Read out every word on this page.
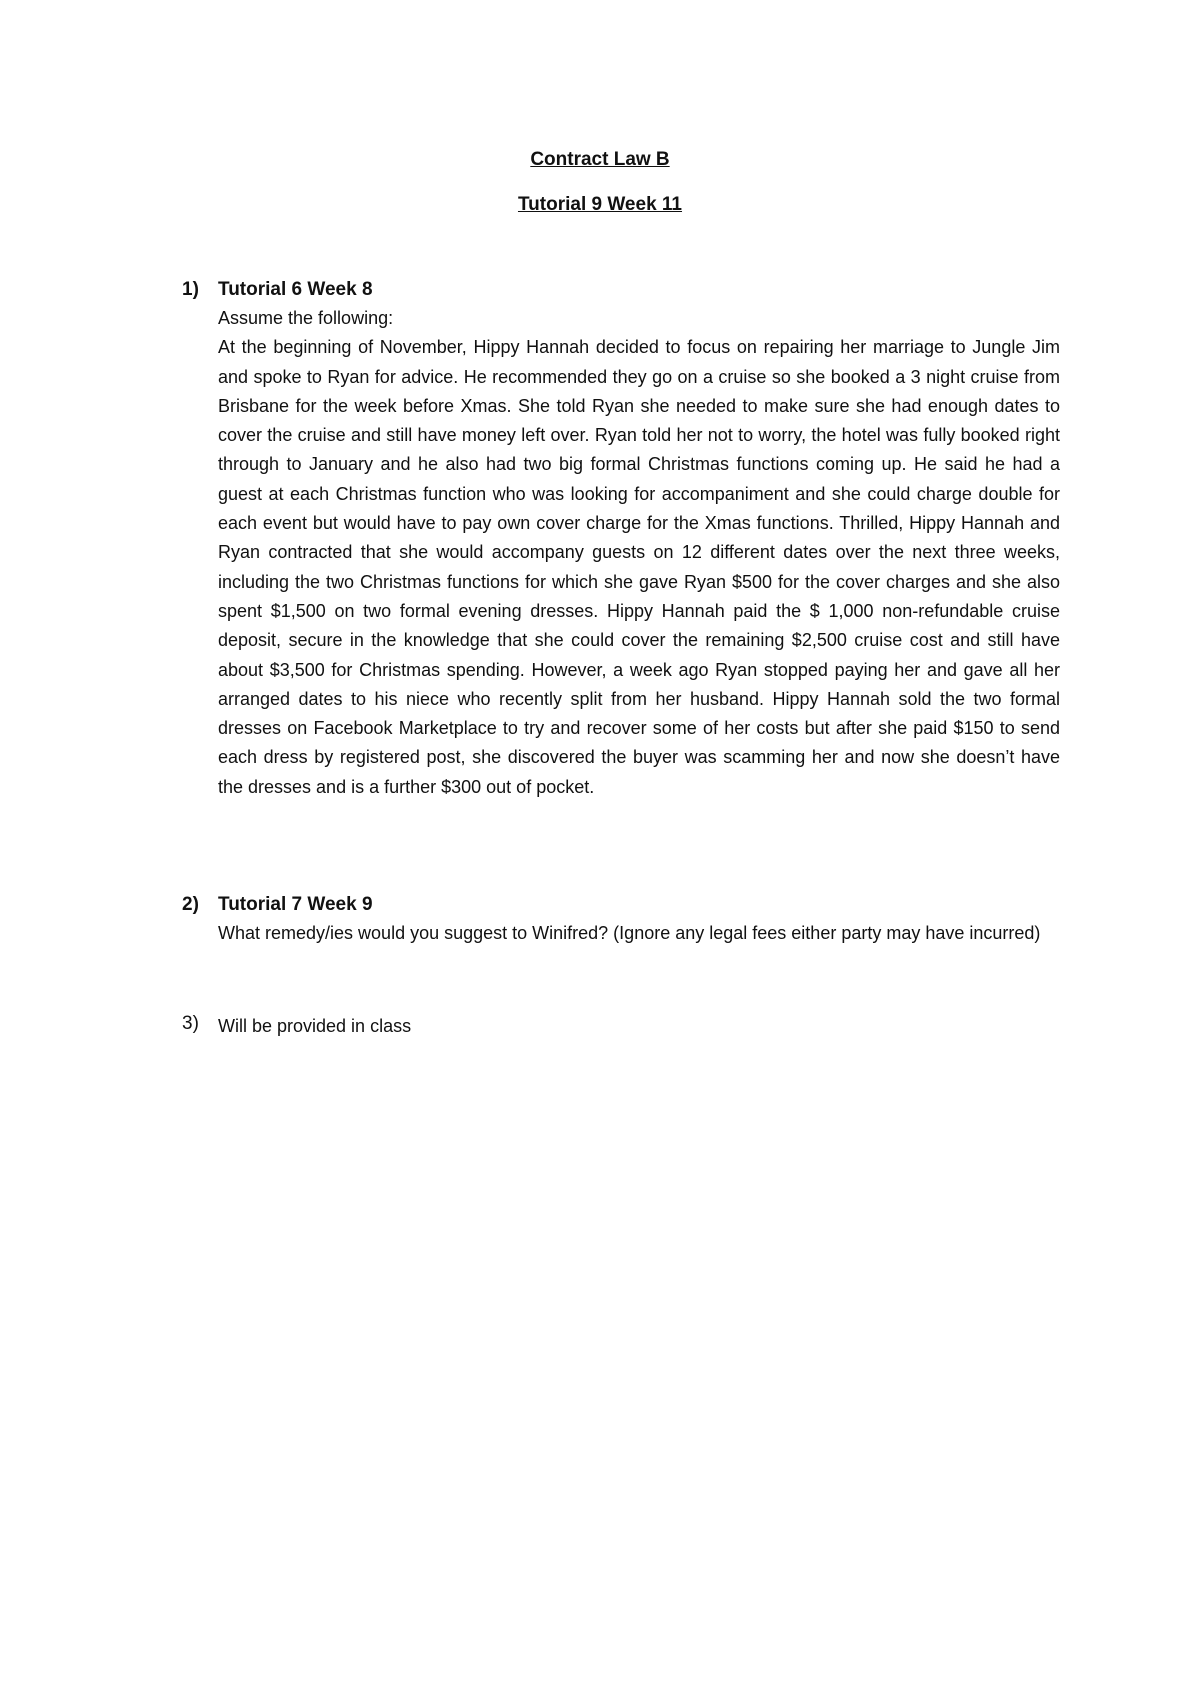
Contract Law B
Tutorial 9 Week 11
1)	Tutorial 6 Week 8

Assume the following:

At the beginning of November, Hippy Hannah decided to focus on repairing her marriage to Jungle Jim and spoke to Ryan for advice. He recommended they go on a cruise so she booked a 3 night cruise from Brisbane for the week before Xmas. She told Ryan she needed to make sure she had enough dates to cover the cruise and still have money left over. Ryan told her not to worry, the hotel was fully booked right through to January and he also had two big formal Christmas functions coming up. He said he had a guest at each Christmas function who was looking for accompaniment and she could charge double for each event but would have to pay own cover charge for the Xmas functions. Thrilled, Hippy Hannah and Ryan contracted that she would accompany guests on 12 different dates over the next three weeks, including the two Christmas functions for which she gave Ryan $500 for the cover charges and she also spent $1,500 on two formal evening dresses. Hippy Hannah paid the $ 1,000 non-refundable cruise deposit, secure in the knowledge that she could cover the remaining $2,500 cruise cost and still have about $3,500 for Christmas spending. However, a week ago Ryan stopped paying her and gave all her arranged dates to his niece who recently split from her husband. Hippy Hannah sold the two formal dresses on Facebook Marketplace to try and recover some of her costs but after she paid $150 to send each dress by registered post, she discovered the buyer was scamming her and now she doesn’t have the dresses and is a further $300 out of pocket.

2)	Tutorial 7 Week 9

What remedy/ies would you suggest to Winifred? (Ignore any legal fees either party may have incurred)

3)	Will be provided in class
